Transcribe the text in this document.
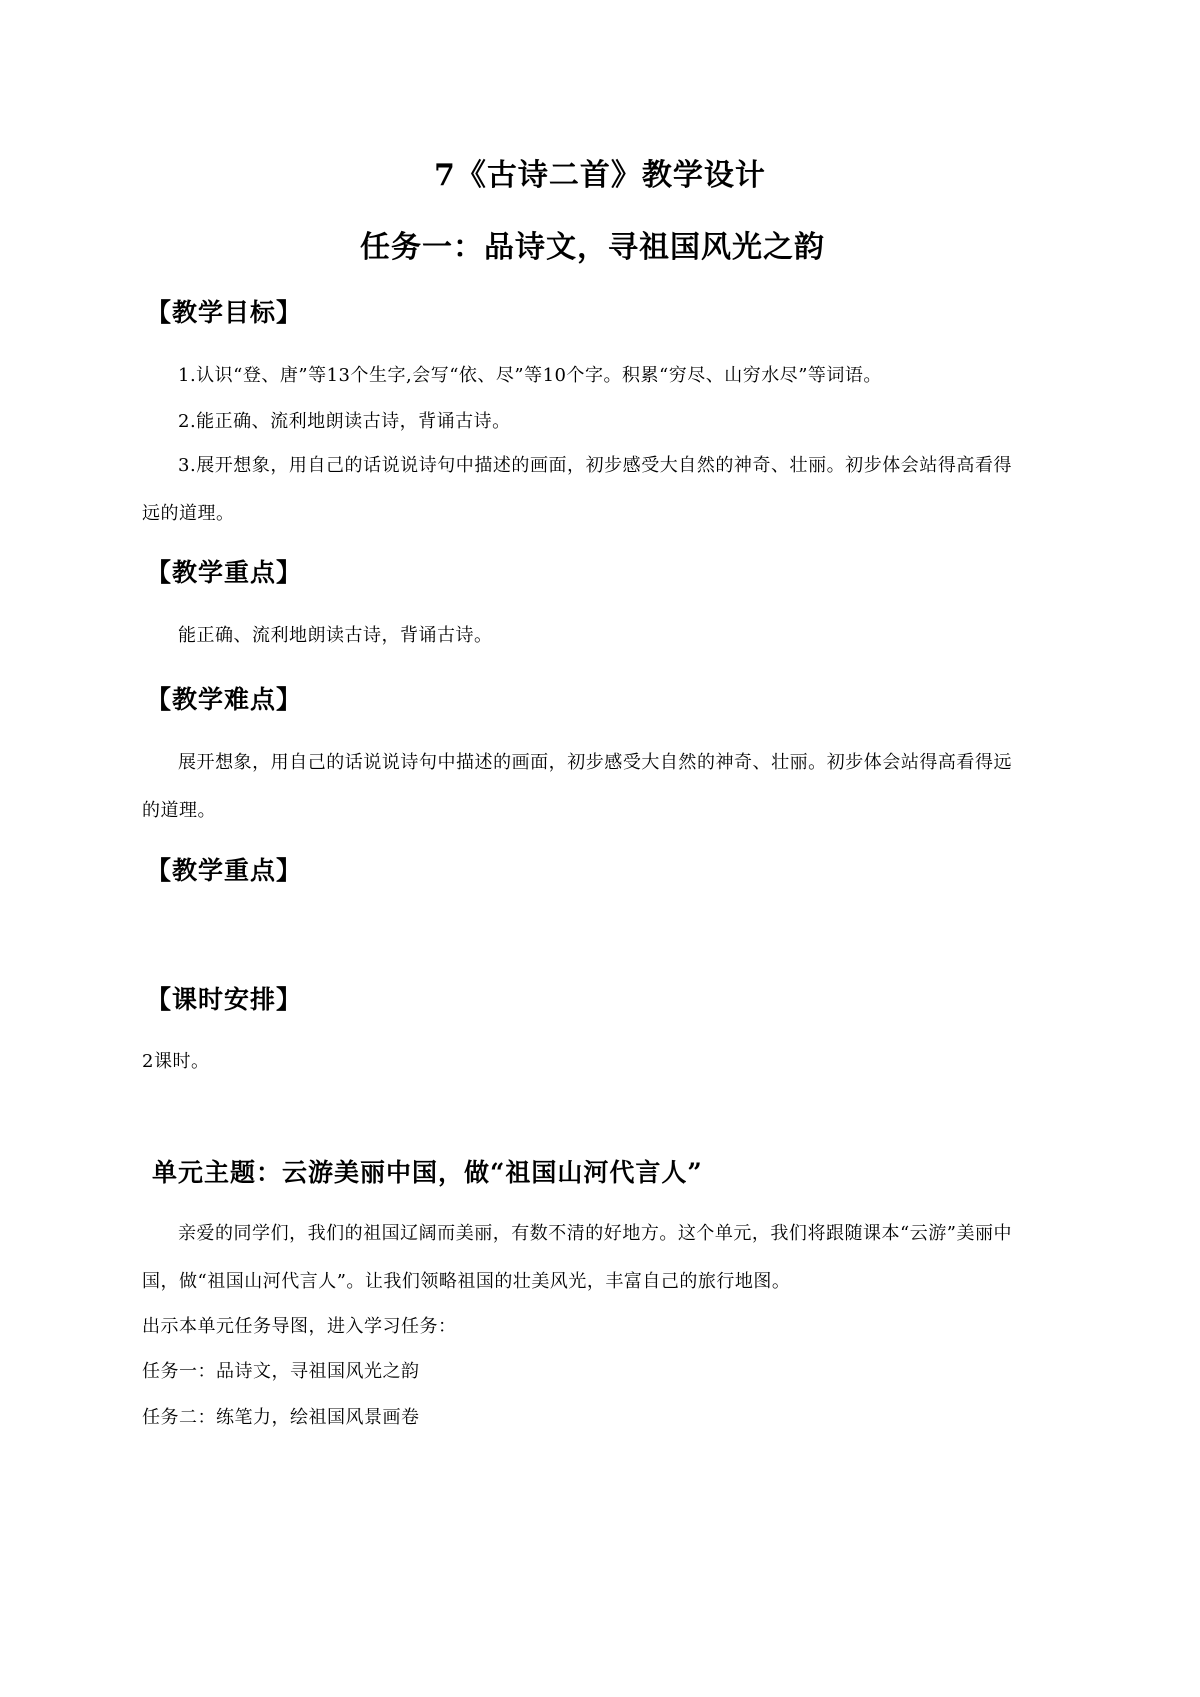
7《古诗二首》教学设计
任务一：品诗文，寻祖国风光之韵
【教学目标】
1.认识“登、唐”等13个生字,会写“依、尽”等10个字。积累“穷尽、山穷水尽”等词语。
2.能正确、流利地朗读古诗，背诵古诗。
3.展开想象，用自己的话说说诗句中描述的画面，初步感受大自然的神奇、壮丽。初步体会站得高看得远的道理。
【教学重点】
能正确、流利地朗读古诗，背诵古诗。
【教学难点】
展开想象，用自己的话说说诗句中描述的画面，初步感受大自然的神奇、壮丽。初步体会站得高看得远的道理。
【教学重点】
【课时安排】
2课时。
单元主题：云游美丽中国，做“祖国山河代言人”
亲爱的同学们，我们的祖国辽阔而美丽，有数不清的好地方。这个单元，我们将跟随课本“云游”美丽中国，做“祖国山河代言人”。让我们领略祖国的壮美风光，丰富自己的旅行地图。
出示本单元任务导图，进入学习任务：
任务一：品诗文，寻祖国风光之韵
任务二：练笔力，绘祖国风景画卷
